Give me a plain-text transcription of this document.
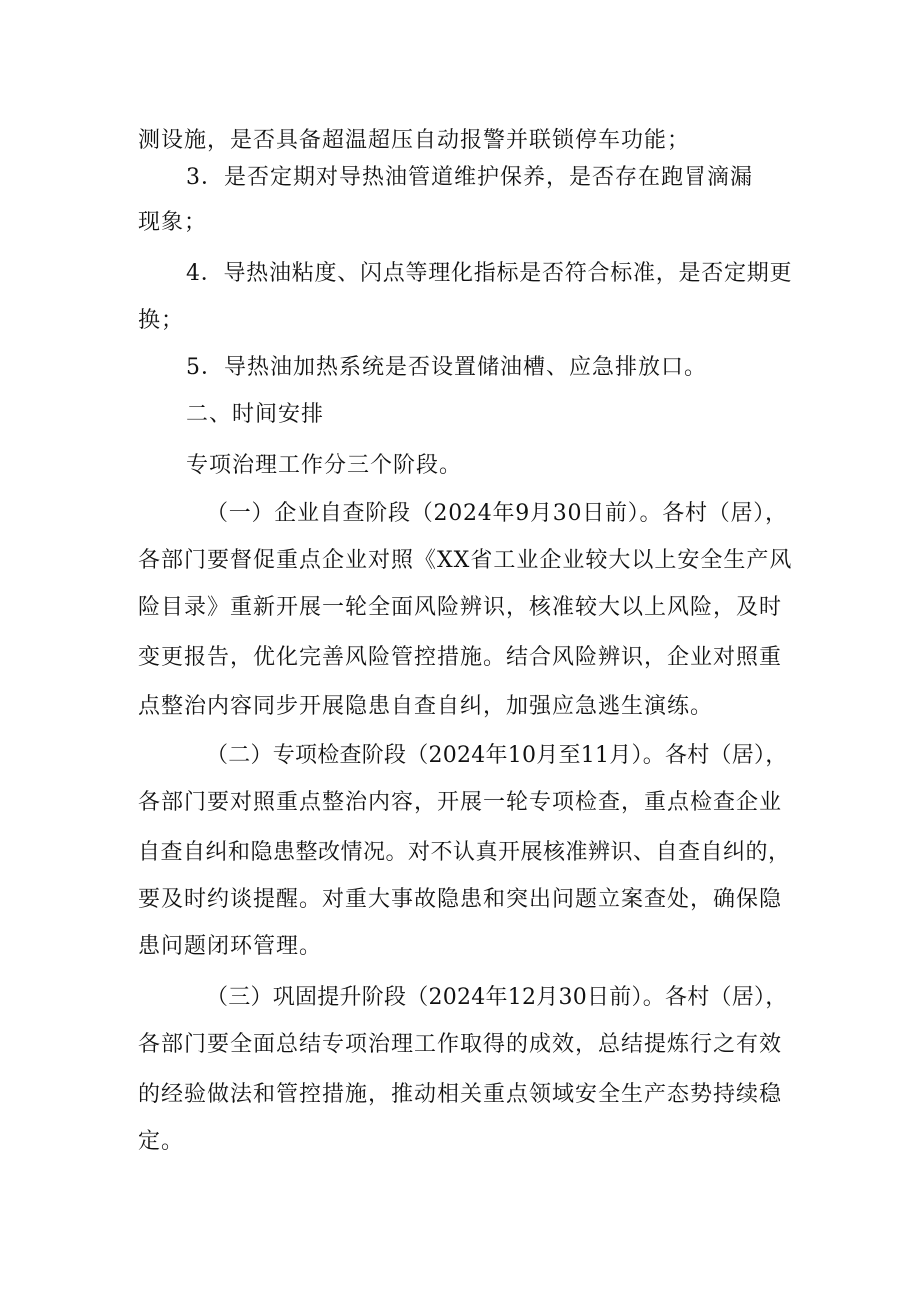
测设施，是否具备超温超压自动报警并联锁停车功能；

3．是否定期对导热油管道维护保养，是否存在跑冒滴漏

现象；

4．导热油粘度、闪点等理化指标是否符合标准，是否定期更

换；

5．导热油加热系统是否设置储油槽、应急排放口。

二、时间安排

专项治理工作分三个阶段。

（一）企业自查阶段（2024年9月30日前）。各村（居），

各部门要督促重点企业对照《XX省工业企业较大以上安全生产风

险目录》重新开展一轮全面风险辨识，核准较大以上风险，及时

变更报告，优化完善风险管控措施。结合风险辨识，企业对照重

点整治内容同步开展隐患自查自纠，加强应急逃生演练。

（二）专项检查阶段（2024年10月至11月）。各村（居），

各部门要对照重点整治内容，开展一轮专项检查，重点检查企业

自查自纠和隐患整改情况。对不认真开展核准辨识、自查自纠的，

要及时约谈提醒。对重大事故隐患和突出问题立案查处，确保隐

患问题闭环管理。

（三）巩固提升阶段（2024年12月30日前）。各村（居），

各部门要全面总结专项治理工作取得的成效，总结提炼行之有效

的经验做法和管控措施，推动相关重点领域安全生产态势持续稳

定。
